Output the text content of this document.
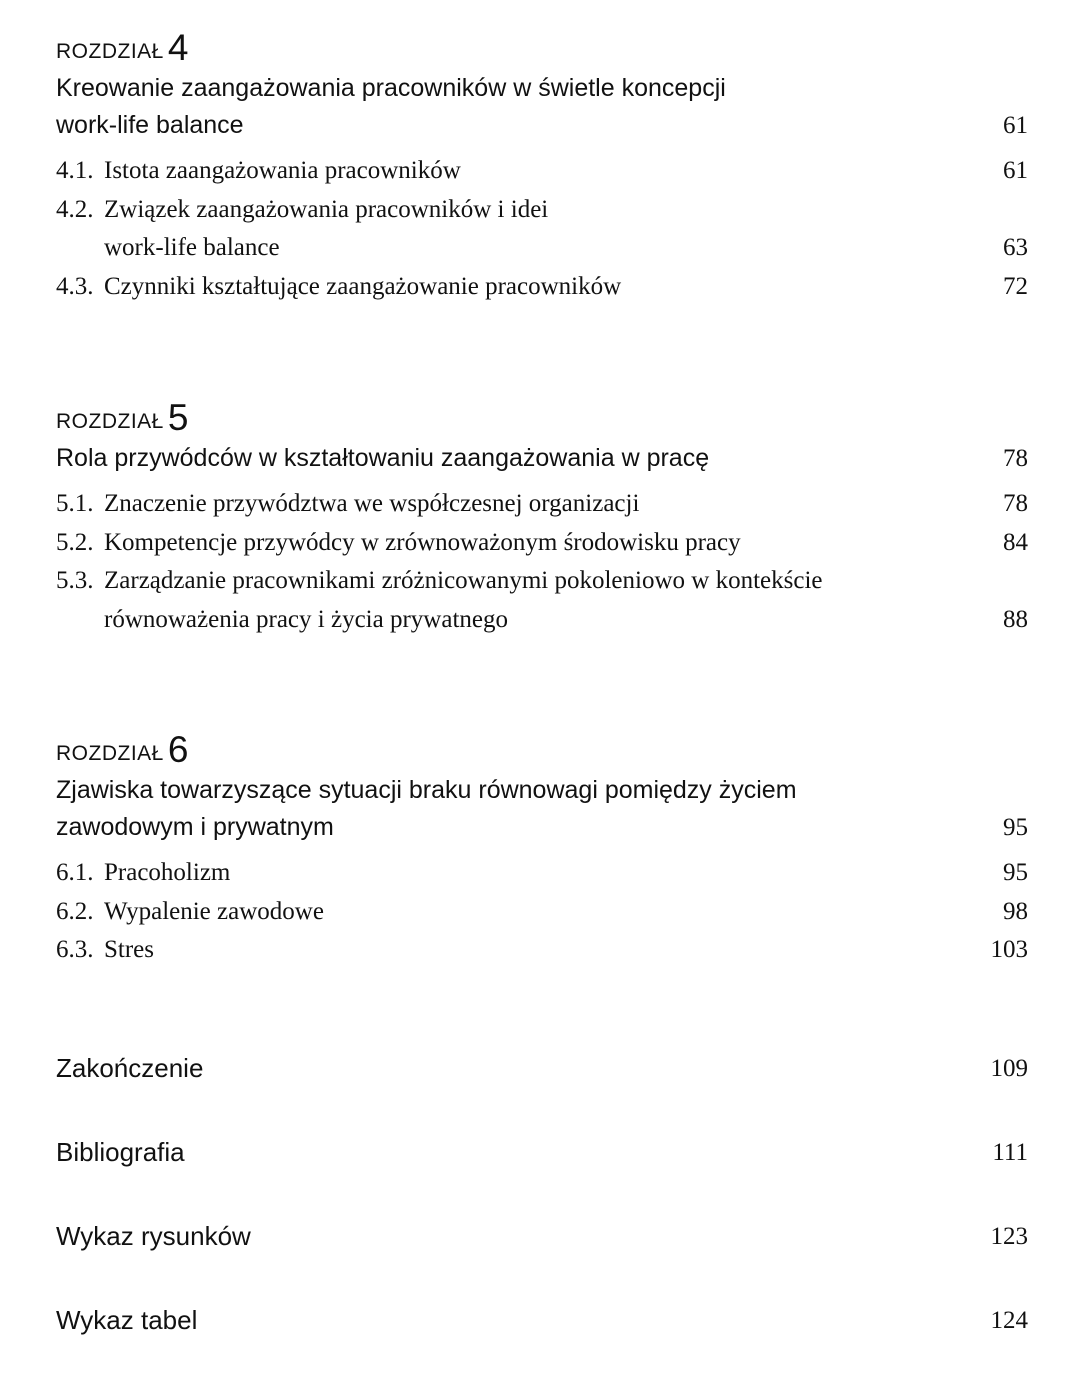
ROZDZIAŁ 4
Kreowanie zaangażowania pracowników w świetle koncepcji
work-life balance	61
4.1. Istota zaangażowania pracowników	61
4.2. Związek zaangażowania pracowników i idei
work-life balance	63
4.3. Czynniki kształtujące zaangażowanie pracowników	72
ROZDZIAŁ 5
Rola przywódców w kształtowaniu zaangażowania w pracę	78
5.1. Znaczenie przywództwa we współczesnej organizacji	78
5.2. Kompetencje przywódcy w zrównoważonym środowisku pracy	84
5.3. Zarządzanie pracownikami zróżnicowanymi pokoleniowo w kontekście
równoważenia pracy i życia prywatnego	88
ROZDZIAŁ 6
Zjawiska towarzyszące sytuacji braku równowagi pomiędzy życiem
zawodowym i prywatnym	95
6.1. Pracoholizm	95
6.2. Wypalenie zawodowe	98
6.3. Stres	103
Zakończenie	109
Bibliografia	111
Wykaz rysunków	123
Wykaz tabel	124
